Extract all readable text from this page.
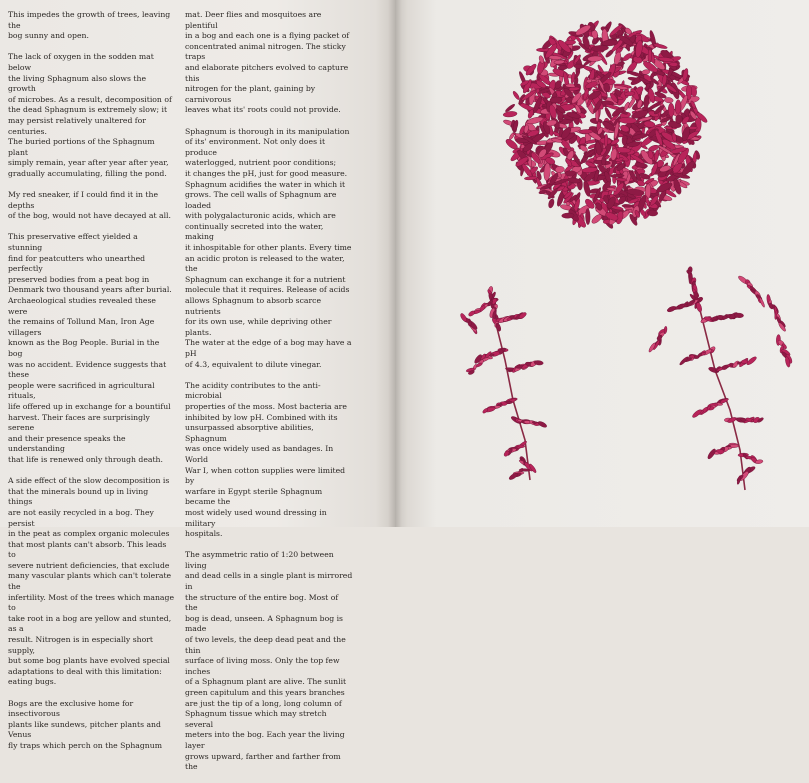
This impedes the growth of trees, leaving the
bog sunny and open.

The lack of oxygen in the sodden mat below
the living Sphagnum also slows the growth
of microbes. As a result, decomposition of
the dead Sphagnum is extremely slow; it
may persist relatively unaltered for centuries.
The buried portions of the Sphagnum plant
simply remain, year after year after year,
gradually accumulating, filling the pond.

My red sneaker, if I could find it in the depths
of the bog, would not have decayed at all.

This preservative effect yielded a stunning
find for peatcutters who unearthed perfectly
preserved bodies from a peat bog in
Denmark two thousand years after burial.
Archaeological studies revealed these were
the remains of Tollund Man, Iron Age villagers
known as the Bog People. Burial in the bog
was no accident. Evidence suggests that these
people were sacrificed in agricultural rituals,
life offered up in exchange for a bountiful
harvest. Their faces are surprisingly serene
and their presence speaks the understanding
that life is renewed only through death.

A side effect of the slow decomposition is
that the minerals bound up in living things
are not easily recycled in a bog. They persist
in the peat as complex organic molecules
that most plants can't absorb. This leads to
severe nutrient deficiencies, that exclude
many vascular plants which can't tolerate the
infertility. Most of the trees which manage to
take root in a bog are yellow and stunted, as a
result. Nitrogen is in especially short supply,
but some bog plants have evolved special
adaptations to deal with this limitation:
eating bugs.

Bogs are the exclusive home for insectivorous
plants like sundews, pitcher plants and Venus
fly traps which perch on the Sphagnum

mat. Deer flies and mosquitoes are plentiful
in a bog and each one is a flying packet of
concentrated animal nitrogen. The sticky traps
and elaborate pitchers evolved to capture this
nitrogen for the plant, gaining by carnivorous
leaves what its' roots could not provide.

Sphagnum is thorough in its manipulation
of its' environment. Not only does it produce
waterlogged, nutrient poor conditions;
it changes the pH, just for good measure.
Sphagnum acidifies the water in which it
grows. The cell walls of Sphagnum are loaded
with polygalacturonic acids, which are
continually secreted into the water, making
it inhospitable for other plants. Every time
an acidic proton is released to the water, the
Sphagnum can exchange it for a nutrient
molecule that it requires. Release of acids
allows Sphagnum to absorb scarce nutrients
for its own use, while depriving other plants.
The water at the edge of a bog may have a pH
of 4.3, equivalent to dilute vinegar.

The acidity contributes to the anti-microbial
properties of the moss. Most bacteria are
inhibited by low pH. Combined with its
unsurpassed absorptive abilities, Sphagnum
was once widely used as bandages. In World
War I, when cotton supplies were limited by
warfare in Egypt sterile Sphagnum became the
most widely used wound dressing in military
hospitals.

The asymmetric ratio of 1:20 between living
and dead cells in a single plant is mirrored in
the structure of the entire bog. Most of the
bog is dead, unseen. A Sphagnum bog is made
of two levels, the deep dead peat and the thin
surface of living moss. Only the top few inches
of a Sphagnum plant are alive. The sunlit
green capitulum and this years branches
are just the tip of a long, long column of
Sphagnum tissue which may stretch several
meters into the bog. Each year the living layer
grows upward, farther and farther from the
